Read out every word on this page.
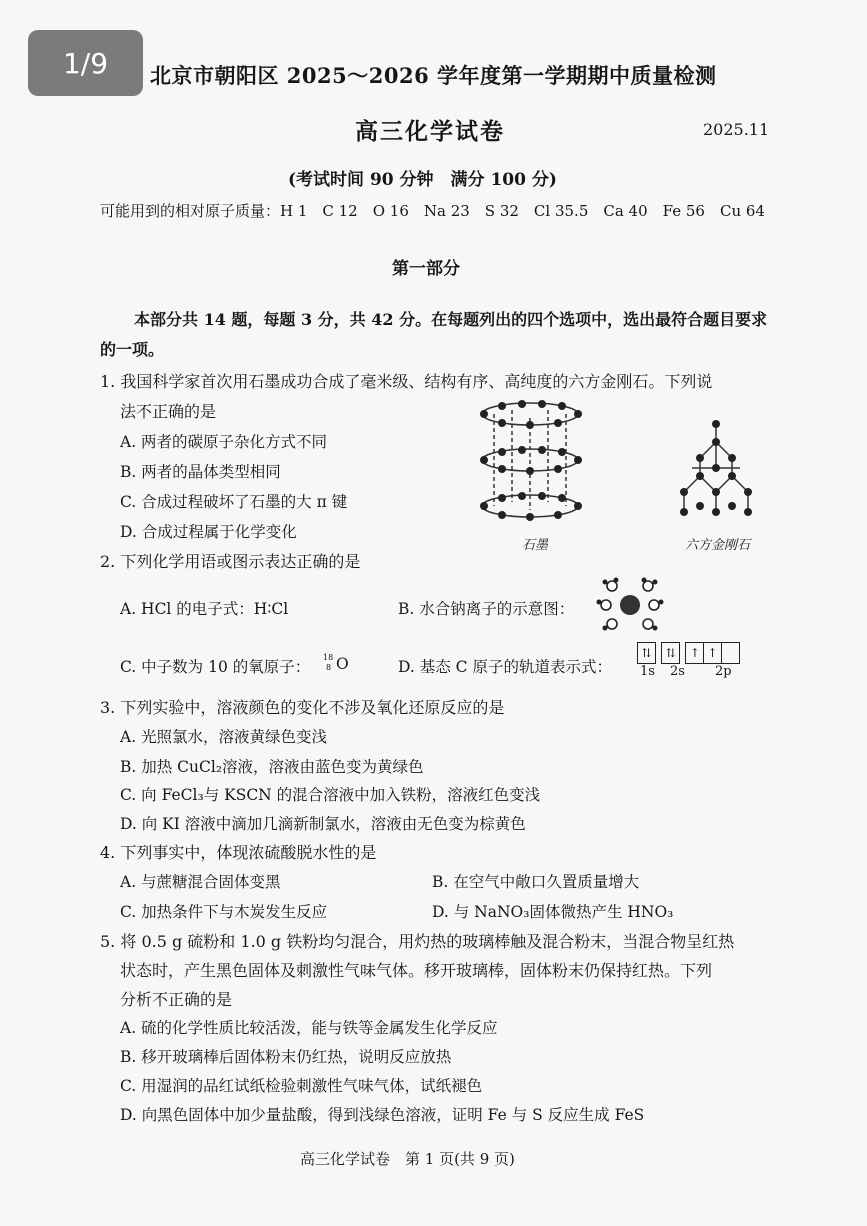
1/9	北京市朝阳区 2025～2026 学年度第一学期期中质量检测
高三化学试卷	2025.11
(考试时间 90 分钟　满分 100 分)
可能用到的相对原子质量：H 1　C 12　O 16　Na 23　S 32　Cl 35.5　Ca 40　Fe 56　Cu 64
第一部分
本部分共 14 题，每题 3 分，共 42 分。在每题列出的四个选项中，选出最符合题目要求的一项。
1. 我国科学家首次用石墨成功合成了毫米级、结构有序、高纯度的六方金刚石。下列说
法不正确的是
A. 两者的碳原子杂化方式不同
B. 两者的晶体类型相同
C. 合成过程破坏了石墨的大 π 键
D. 合成过程属于化学变化
石墨	六方金刚石
2. 下列化学用语或图示表达正确的是
A. HCl 的电子式：H∶Cl	B. 水合钠离子的示意图：
C. 中子数为 10 的氧原子：
18
8 O	D. 基态 C 原子的轨道表示式：
⇅	⇅	↑ ↑
1s 2s 2p
3. 下列实验中，溶液颜色的变化不涉及氧化还原反应的是
A. 光照氯水，溶液黄绿色变浅
B. 加热 CuCl₂溶液，溶液由蓝色变为黄绿色
C. 向 FeCl₃与 KSCN 的混合溶液中加入铁粉，溶液红色变浅
D. 向 KI 溶液中滴加几滴新制氯水，溶液由无色变为棕黄色
4. 下列事实中，体现浓硫酸脱水性的是
A. 与蔗糖混合固体变黑	B. 在空气中敞口久置质量增大
C. 加热条件下与木炭发生反应	D. 与 NaNO₃固体微热产生 HNO₃
5. 将 0.5 g 硫粉和 1.0 g 铁粉均匀混合，用灼热的玻璃棒触及混合粉末，当混合物呈红热
状态时，产生黑色固体及刺激性气味气体。移开玻璃棒，固体粉末仍保持红热。下列
分析不正确的是
A. 硫的化学性质比较活泼，能与铁等金属发生化学反应
B. 移开玻璃棒后固体粉末仍红热，说明反应放热
C. 用湿润的品红试纸检验刺激性气味气体，试纸褪色
D. 向黑色固体中加少量盐酸，得到浅绿色溶液，证明 Fe 与 S 反应生成 FeS
高三化学试卷　第 1 页(共 9 页)
